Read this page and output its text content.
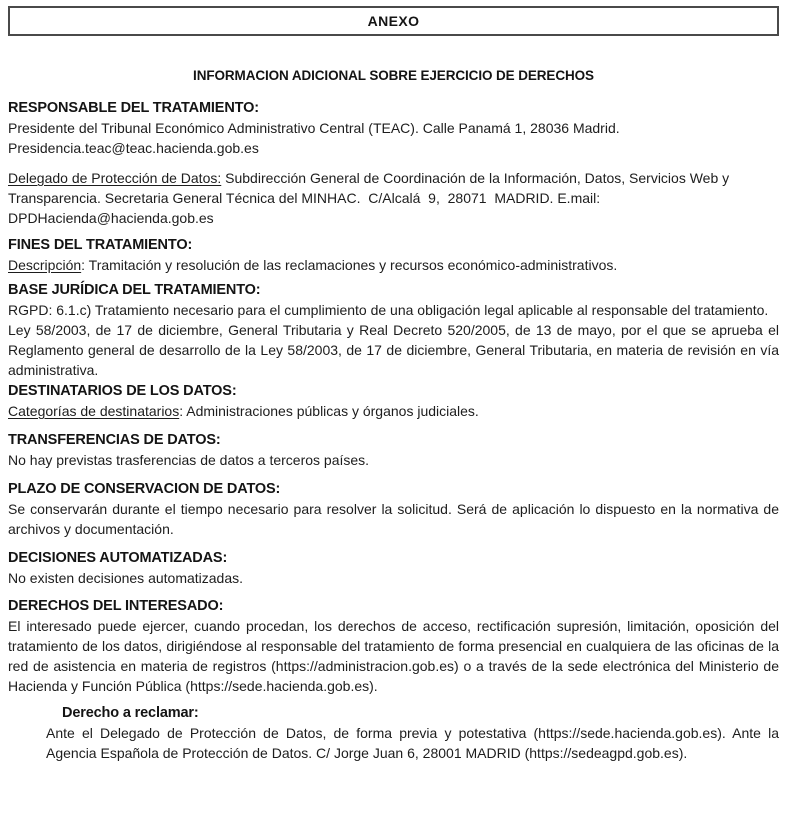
ANEXO
INFORMACION ADICIONAL SOBRE EJERCICIO DE DERECHOS
RESPONSABLE DEL TRATAMIENTO:

Presidente del Tribunal Económico Administrativo Central (TEAC). Calle Panamá 1, 28036 Madrid.

Presidencia.teac@teac.hacienda.gob.es

Delegado de Protección de Datos: Subdirección General de Coordinación de la Información, Datos, Servicios Web y Transparencia. Secretaria General Técnica del MINHAC.  C/Alcalá  9,  28071  MADRID. E.mail: DPDHacienda@hacienda.gob.es

FINES DEL TRATAMIENTO:

Descripción: Tramitación y resolución de las reclamaciones y recursos económico-administrativos.

BASE JURÍDICA DEL TRATAMIENTO:

RGPD: 6.1.c) Tratamiento necesario para el cumplimiento de una obligación legal aplicable al responsable del tratamiento.

Ley 58/2003, de 17 de diciembre, General Tributaria y Real Decreto 520/2005, de 13 de mayo, por el que se aprueba el Reglamento general de desarrollo de la Ley 58/2003, de 17 de diciembre, General Tributaria, en materia de revisión en vía administrativa.

DESTINATARIOS DE LOS DATOS:

Categorías de destinatarios: Administraciones públicas y órganos judiciales.

TRANSFERENCIAS DE DATOS:

No hay previstas trasferencias de datos a terceros países.

PLAZO DE CONSERVACION DE DATOS:

Se conservarán durante el tiempo necesario para resolver la solicitud. Será de aplicación lo dispuesto en la normativa de archivos y documentación.

DECISIONES AUTOMATIZADAS:

No existen decisiones automatizadas.

DERECHOS DEL INTERESADO:

El interesado puede ejercer, cuando procedan, los derechos de acceso, rectificación supresión, limitación, oposición del tratamiento de los datos, dirigiéndose al responsable del tratamiento de forma presencial en cualquiera de las oficinas de la red de asistencia en materia de registros (https://administracion.gob.es) o a través de la sede electrónica del Ministerio de Hacienda y Función Pública (https://sede.hacienda.gob.es).

Derecho a reclamar:

Ante el Delegado de Protección de Datos, de forma previa y potestativa (https://sede.hacienda.gob.es). Ante la Agencia Española de Protección de Datos. C/ Jorge Juan 6, 28001 MADRID (https://sedeagpd.gob.es).
